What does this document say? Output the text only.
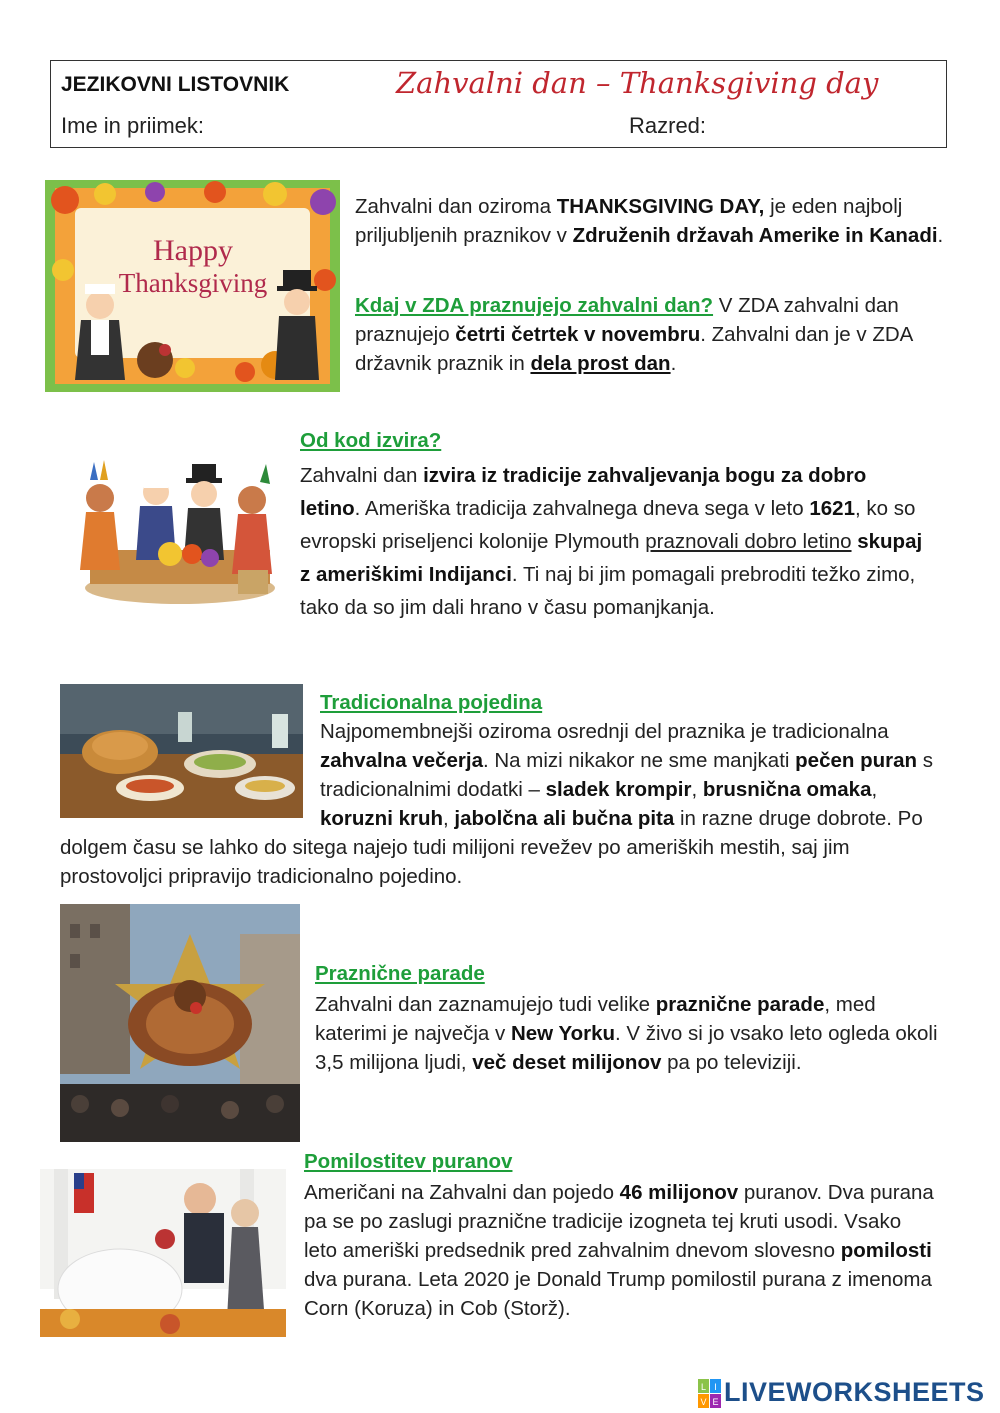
JEZIKOVNI LISTOVNIK	Zahvalni dan – Thanksgiving day
Ime in priimek:	Razred:
Happy
Thanksgiving
Zahvalni dan oziroma THANKSGIVING DAY, je eden najbolj priljubljenih praznikov v Združenih državah Amerike in Kanadi.
Kdaj v ZDA praznujejo zahvalni dan? V ZDA zahvalni dan praznujejo četrti četrtek v novembru. Zahvalni dan je v ZDA državnik praznik in dela prost dan.
Od kod izvira?
Zahvalni dan izvira iz tradicije zahvaljevanja bogu za dobro letino. Ameriška tradicija zahvalnega dneva sega v leto 1621, ko so evropski priseljenci kolonije Plymouth praznovali dobro letino skupaj z ameriškimi Indijanci. Ti naj bi jim pomagali prebroditi težko zimo, tako da so jim dali hrano v času pomanjkanja.
Tradicionalna pojedina
Najpomembnejši oziroma osrednji del praznika je tradicionalna zahvalna večerja. Na mizi nikakor ne sme manjkati pečen puran s tradicionalnimi dodatki – sladek krompir, brusnična omaka, koruzni kruh, jabolčna ali bučna pita in razne druge dobrote. Po dolgem času se lahko do sitega najejo tudi milijoni revežev po ameriških mestih, saj jim prostovoljci pripravijo tradicionalno pojedino.
Praznične parade
Zahvalni dan zaznamujejo tudi velike praznične parade, med katerimi je največja v New Yorku. V živo si jo vsako leto ogleda okoli 3,5 milijona ljudi, več deset milijonov pa po televiziji.
Pomilostitev puranov
Američani na Zahvalni dan pojedo 46 milijonov puranov. Dva purana pa se po zaslugi praznične tradicije izogneta tej kruti usodi. Vsako leto ameriški predsednik pred zahvalnim dnevom slovesno pomilosti dva purana. Leta 2020 je Donald Trump pomilostil purana z imenoma Corn (Koruza) in Cob (Storž).
L I
V E LIVEWORKSHEETS
